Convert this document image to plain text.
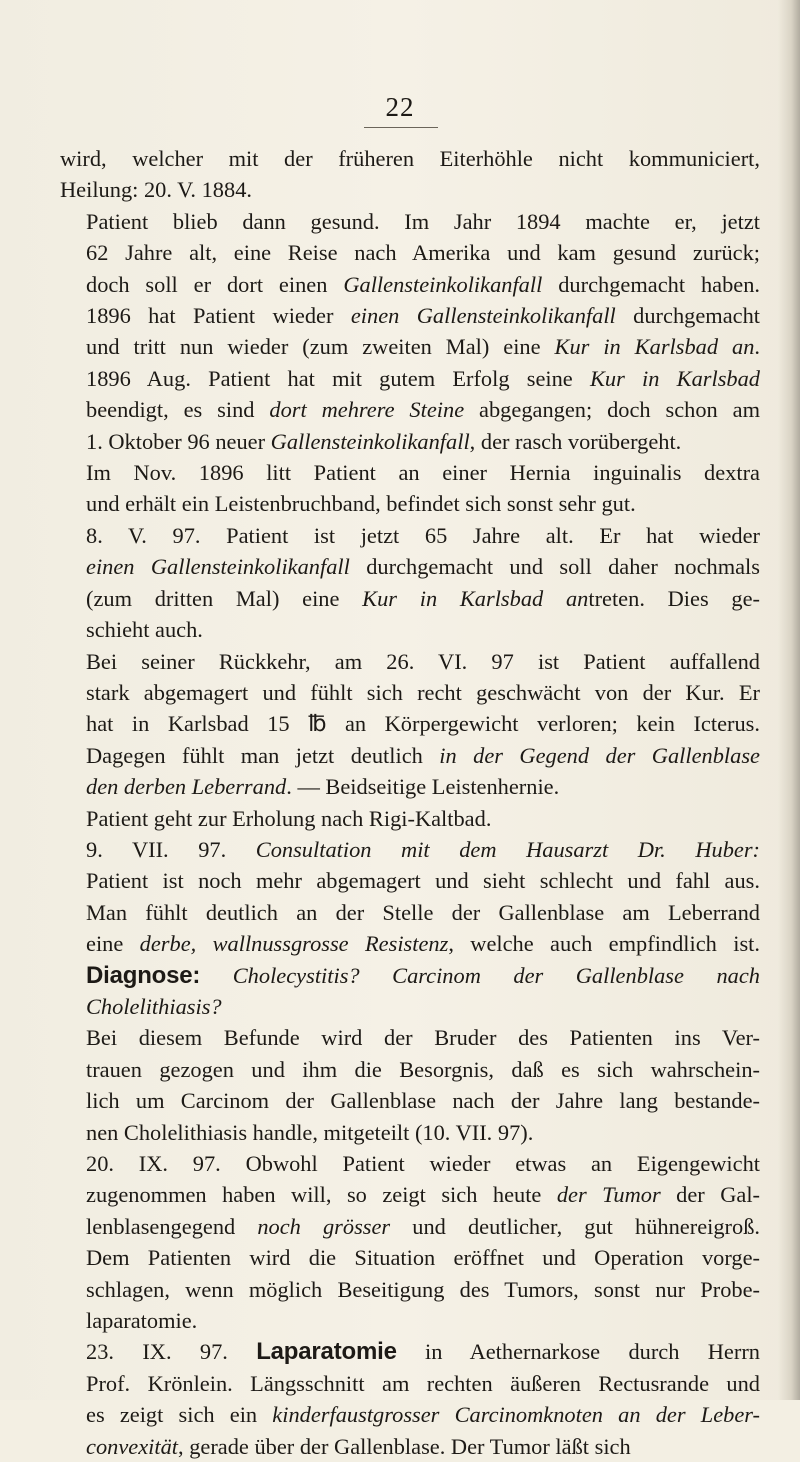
22

wird, welcher mit der früheren Eiterhöhle nicht kommuniciert,
Heilung: 20. V. 1884.

Patient blieb dann gesund. Im Jahr 1894 machte er, jetzt
62 Jahre alt, eine Reise nach Amerika und kam gesund zurück;
doch soll er dort einen Gallensteinkolikanfall durchgemacht haben.
1896 hat Patient wieder einen Gallensteinkolikanfall durchgemacht
und tritt nun wieder (zum zweiten Mal) eine Kur in Karlsbad an.
1896 Aug. Patient hat mit gutem Erfolg seine Kur in Karlsbad
beendigt, es sind dort mehrere Steine abgegangen; doch schon am
1. Oktober 96 neuer Gallensteinkolikanfall, der rasch vorübergeht.

Im Nov. 1896 litt Patient an einer Hernia inguinalis dextra
und erhält ein Leistenbruchband, befindet sich sonst sehr gut.

8. V. 97. Patient ist jetzt 65 Jahre alt. Er hat wieder
einen Gallensteinkolikanfall durchgemacht und soll daher nochmals
(zum dritten Mal) eine Kur in Karlsbad antreten. Dies ge-
schieht auch.

Bei seiner Rückkehr, am 26. VI. 97 ist Patient auffallend
stark abgemagert und fühlt sich recht geschwächt von der Kur. Er
hat in Karlsbad 15 ℔ an Körpergewicht verloren; kein Icterus.
Dagegen fühlt man jetzt deutlich in der Gegend der Gallenblase
den derben Leberrand. — Beidseitige Leistenhernie.

Patient geht zur Erholung nach Rigi-Kaltbad.

9. VII. 97. Consultation mit dem Hausarzt Dr. Huber:
Patient ist noch mehr abgemagert und sieht schlecht und fahl aus.
Man fühlt deutlich an der Stelle der Gallenblase am Leberrand
eine derbe, wallnussgrosse Resistenz, welche auch empfindlich ist.
Diagnose: Cholecystitis? Carcinom der Gallenblase nach
Cholelithiasis?

Bei diesem Befunde wird der Bruder des Patienten ins Ver-
trauen gezogen und ihm die Besorgnis, daß es sich wahrschein-
lich um Carcinom der Gallenblase nach der Jahre lang bestande-
nen Cholelithiasis handle, mitgeteilt (10. VII. 97).

20. IX. 97. Obwohl Patient wieder etwas an Eigengewicht
zugenommen haben will, so zeigt sich heute der Tumor der Gal-
lenblasengegend noch grösser und deutlicher, gut hühnereigroß.
Dem Patienten wird die Situation eröffnet und Operation vorge-
schlagen, wenn möglich Beseitigung des Tumors, sonst nur Probe-
laparatomie.

23. IX. 97. Laparatomie in Aethernarkose durch Herrn
Prof. Krönlein. Längsschnitt am rechten äußeren Rectusrande und
es zeigt sich ein kinderfaustgrosser Carcinomknoten an der Leber-
convexität, gerade über der Gallenblase. Der Tumor läßt sich
